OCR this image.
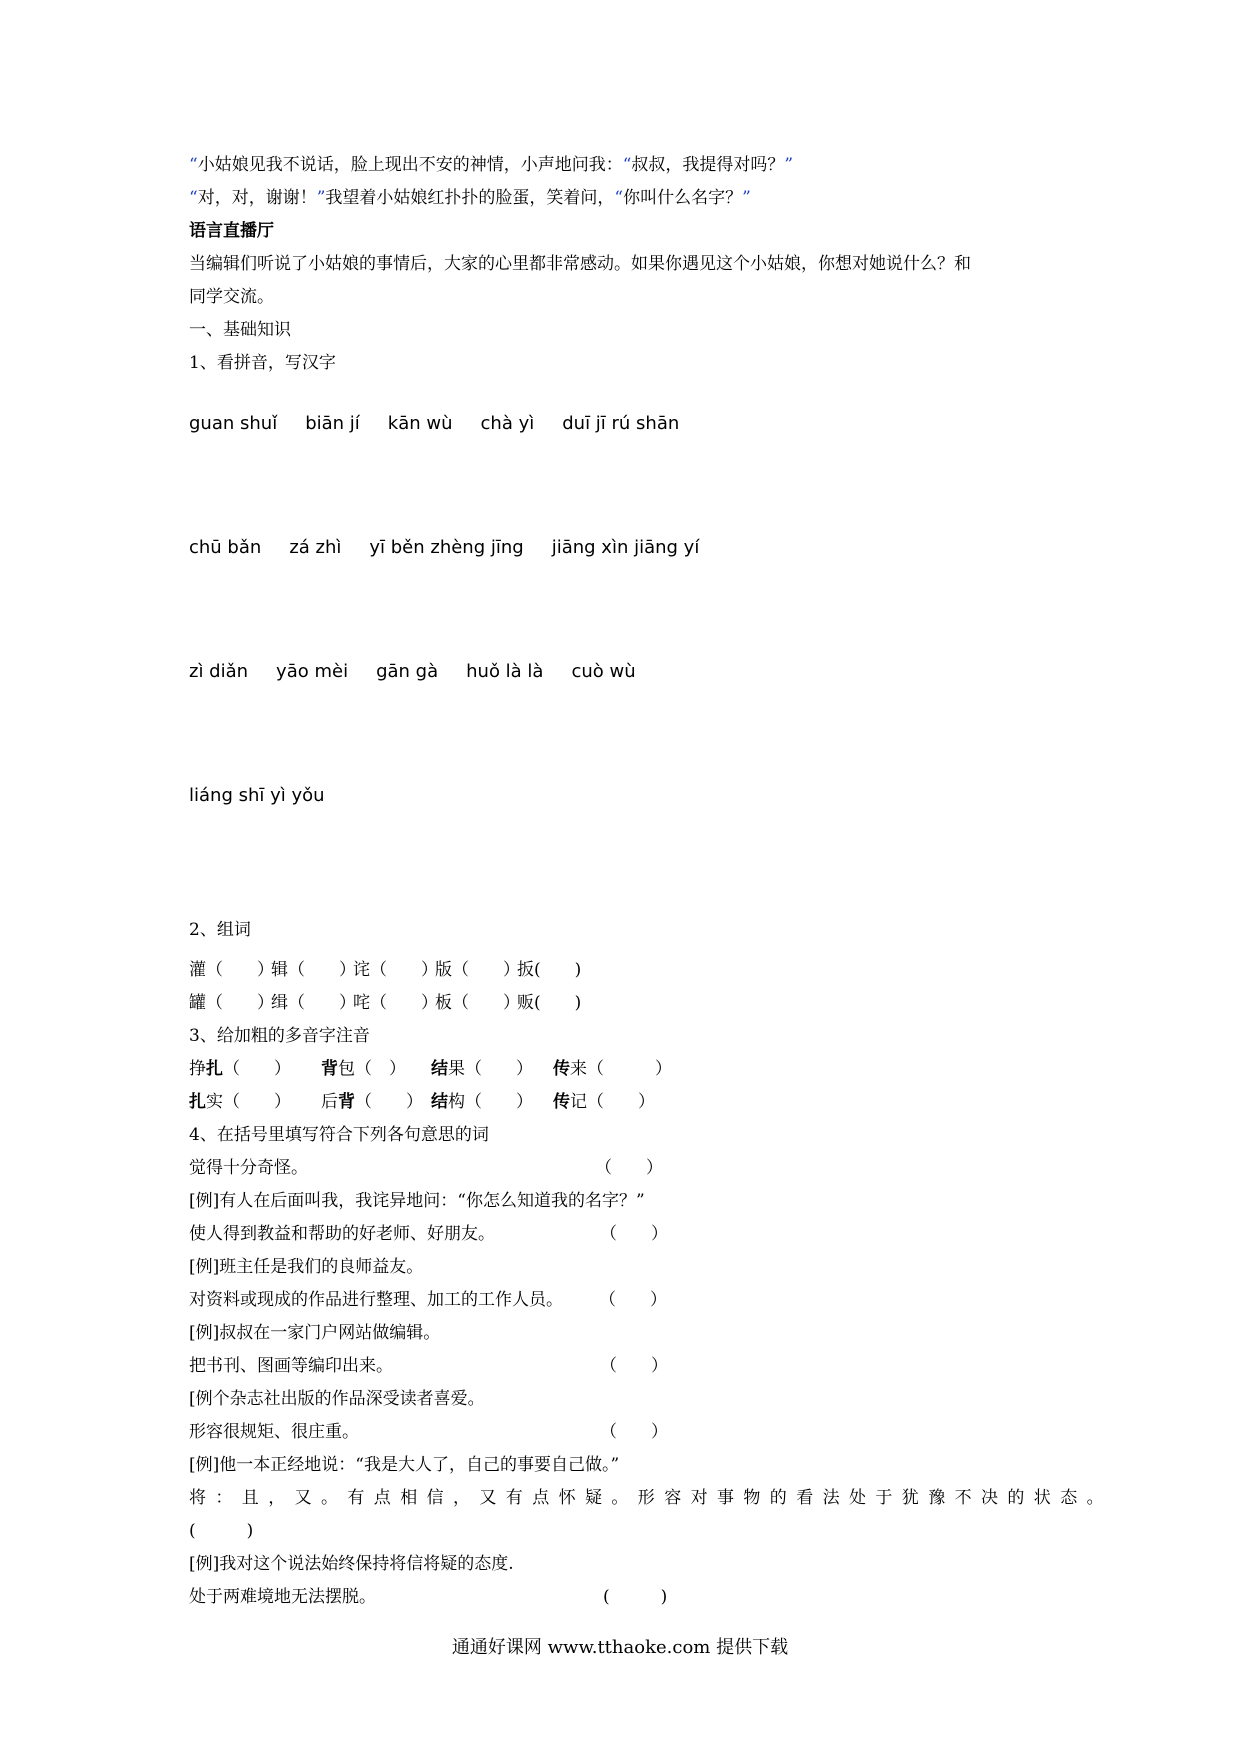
“小姑娘见我不说话，脸上现出不安的神情，小声地问我：“叔叔，我提得对吗？”
“对，对，谢谢！”我望着小姑娘红扑扑的脸蛋，笑着问，“你叫什么名字？”
语言直播厅
当编辑们听说了小姑娘的事情后，大家的心里都非常感动。如果你遇见这个小姑娘，你想对她说什么？和
同学交流。
一、基础知识
1、看拼音，写汉字
guan shuǐ biān jí kān wù chà yì duī jī rú shān
chū bǎn zá zhì yī běn zhèng jīng jiāng xìn jiāng yí
zì diǎn yāo mèi gān gà huǒ là là cuò wù
liáng shī yì yǒu
2、组词
灌（　　）辑（　　）诧（　　）版（　　）扳(　　)
罐（　　）缉（　　）咤（　　）板（　　）贩(　　)
3、给加粗的多音字注音
挣扎（　　） 背包（　） 结果（　　） 传来（　　　）
扎实（　　） 后背（　　） 结构（　　） 传记（　　）
4、在括号里填写符合下列各句意思的词
觉得十分奇怪。	（　　）
[例]有人在后面叫我，我诧异地问：“你怎么知道我的名字？”
使人得到教益和帮助的好老师、好朋友。	（　　）
[例]班主任是我们的良师益友。
对资料或现成的作品进行整理、加工的工作人员。 （　　）
[例]叔叔在一家门户网站做编辑。
把书刊、图画等编印出来。	（　　）
[例个杂志社出版的作品深受读者喜爱。
形容很规矩、很庄重。	（　　）
[例]他一本正经地说：“我是大人了，自己的事要自己做。”
将：且，又。有点相信，又有点怀疑。形容对事物的看法处于犹豫不决的状态。
(　　　)
[例]我对这个说法始终保持将信将疑的态度.
处于两难境地无法摆脱。	(　　　)
通通好课网 www.tthaoke.com 提供下载
